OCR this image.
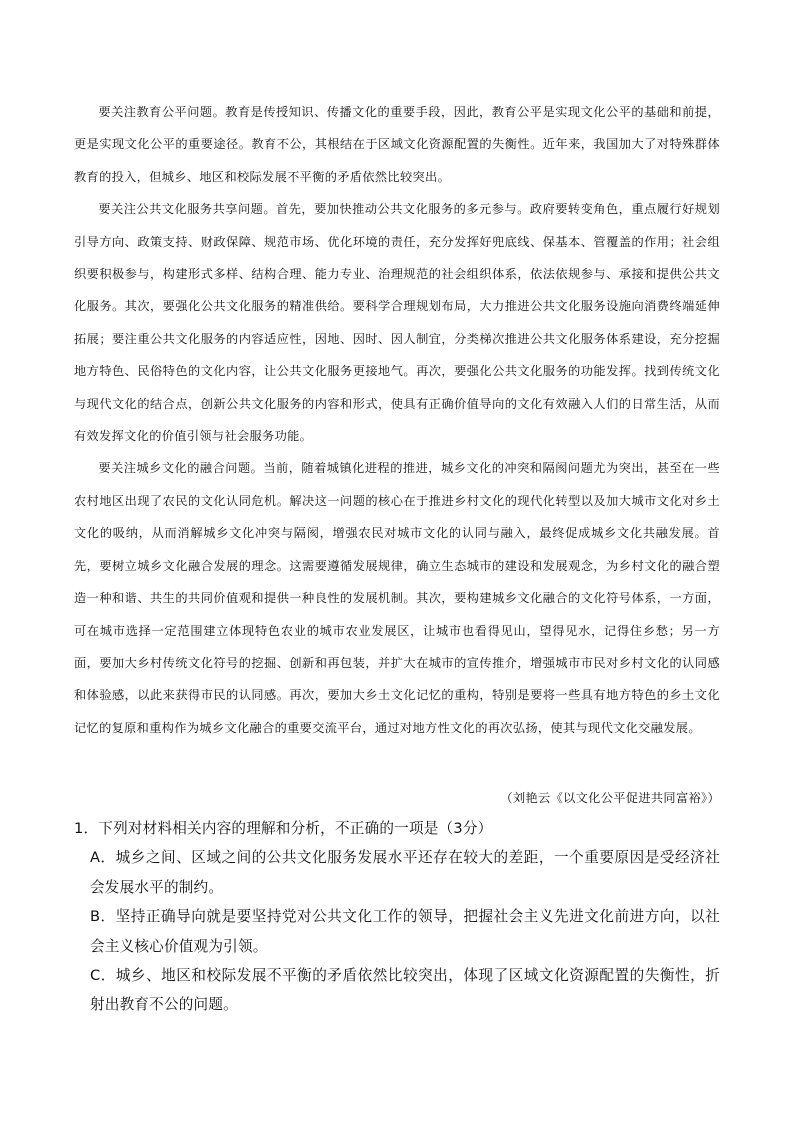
要关注教育公平问题。教育是传授知识、传播文化的重要手段，因此，教育公平是实现文化公平的基础和前提，更是实现文化公平的重要途径。教育不公，其根结在于区域文化资源配置的失衡性。近年来，我国加大了对特殊群体教育的投入，但城乡、地区和校际发展不平衡的矛盾依然比较突出。

要关注公共文化服务共享问题。首先，要加快推动公共文化服务的多元参与。政府要转变角色，重点履行好规划引导方向、政策支持、财政保障、规范市场、优化环境的责任，充分发挥好兜底线、保基本、管覆盖的作用；社会组织要积极参与，构建形式多样、结构合理、能力专业、治理规范的社会组织体系，依法依规参与、承接和提供公共文化服务。其次，要强化公共文化服务的精准供给。要科学合理规划布局，大力推进公共文化服务设施向消费终端延伸拓展；要注重公共文化服务的内容适应性，因地、因时、因人制宜，分类梯次推进公共文化服务体系建设，充分挖掘地方特色、民俗特色的文化内容，让公共文化服务更接地气。再次，要强化公共文化服务的功能发挥。找到传统文化与现代文化的结合点，创新公共文化服务的内容和形式，使具有正确价值导向的文化有效融入人们的日常生活，从而有效发挥文化的价值引领与社会服务功能。

要关注城乡文化的融合问题。当前，随着城镇化进程的推进，城乡文化的冲突和隔阂问题尤为突出，甚至在一些农村地区出现了农民的文化认同危机。解决这一问题的核心在于推进乡村文化的现代化转型以及加大城市文化对乡土文化的吸纳，从而消解城乡文化冲突与隔阂，增强农民对城市文化的认同与融入，最终促成城乡文化共融发展。首先，要树立城乡文化融合发展的理念。这需要遵循发展规律，确立生态城市的建设和发展观念，为乡村文化的融合塑造一种和谐、共生的共同价值观和提供一种良性的发展机制。其次，要构建城乡文化融合的文化符号体系，一方面，可在城市选择一定范围建立体现特色农业的城市农业发展区，让城市也看得见山，望得见水，记得住乡愁；另一方面，要加大乡村传统文化符号的挖掘、创新和再包装，并扩大在城市的宣传推介，增强城市市民对乡村文化的认同感和体验感，以此来获得市民的认同感。再次，要加大乡土文化记忆的重构，特别是要将一些具有地方特色的乡土文化记忆的复原和重构作为城乡文化融合的重要交流平台，通过对地方性文化的再次弘扬，使其与现代文化交融发展。

（刘艳云《以文化公平促进共同富裕》）

1．下列对材料相关内容的理解和分析，不正确的一项是（3分）

A．城乡之间、区域之间的公共文化服务发展水平还存在较大的差距，一个重要原因是受经济社会发展水平的制约。

B．坚持正确导向就是要坚持党对公共文化工作的领导，把握社会主义先进文化前进方向，以社会主义核心价值观为引领。

C．城乡、地区和校际发展不平衡的矛盾依然比较突出，体现了区域文化资源配置的失衡性，折射出教育不公的问题。
